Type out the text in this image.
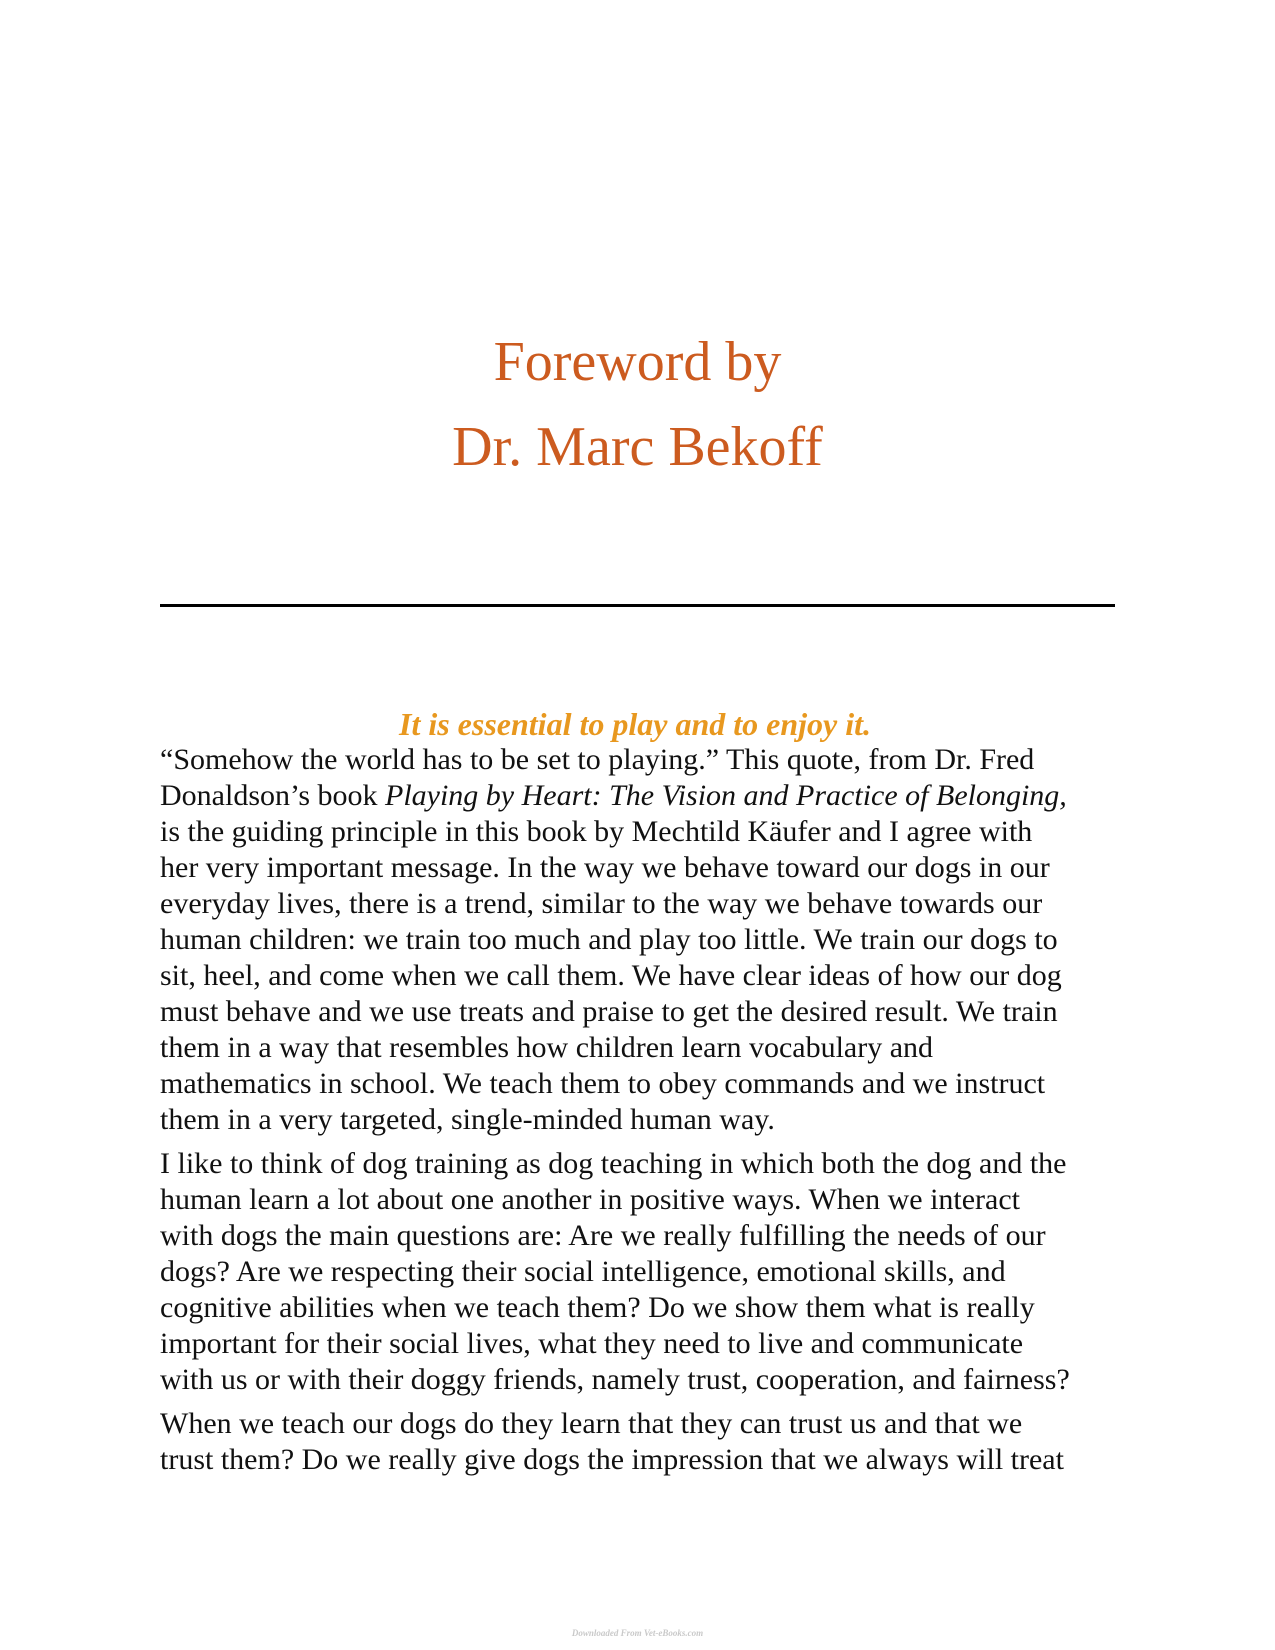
Foreword by
Dr. Marc Bekoff

It is essential to play and to enjoy it.

“Somehow the world has to be set to playing.” This quote, from Dr. Fred
Donaldson’s book Playing by Heart: The Vision and Practice of Belonging,
is the guiding principle in this book by Mechtild Käufer and I agree with
her very important message. In the way we behave toward our dogs in our
everyday lives, there is a trend, similar to the way we behave towards our
human children: we train too much and play too little. We train our dogs to
sit, heel, and come when we call them. We have clear ideas of how our dog
must behave and we use treats and praise to get the desired result. We train
them in a way that resembles how children learn vocabulary and
mathematics in school. We teach them to obey commands and we instruct
them in a very targeted, single-minded human way.

I like to think of dog training as dog teaching in which both the dog and the
human learn a lot about one another in positive ways. When we interact
with dogs the main questions are: Are we really fulfilling the needs of our
dogs? Are we respecting their social intelligence, emotional skills, and
cognitive abilities when we teach them? Do we show them what is really
important for their social lives, what they need to live and communicate
with us or with their doggy friends, namely trust, cooperation, and fairness?

When we teach our dogs do they learn that they can trust us and that we
trust them? Do we really give dogs the impression that we always will treat

Downloaded From Vet-eBooks.com
